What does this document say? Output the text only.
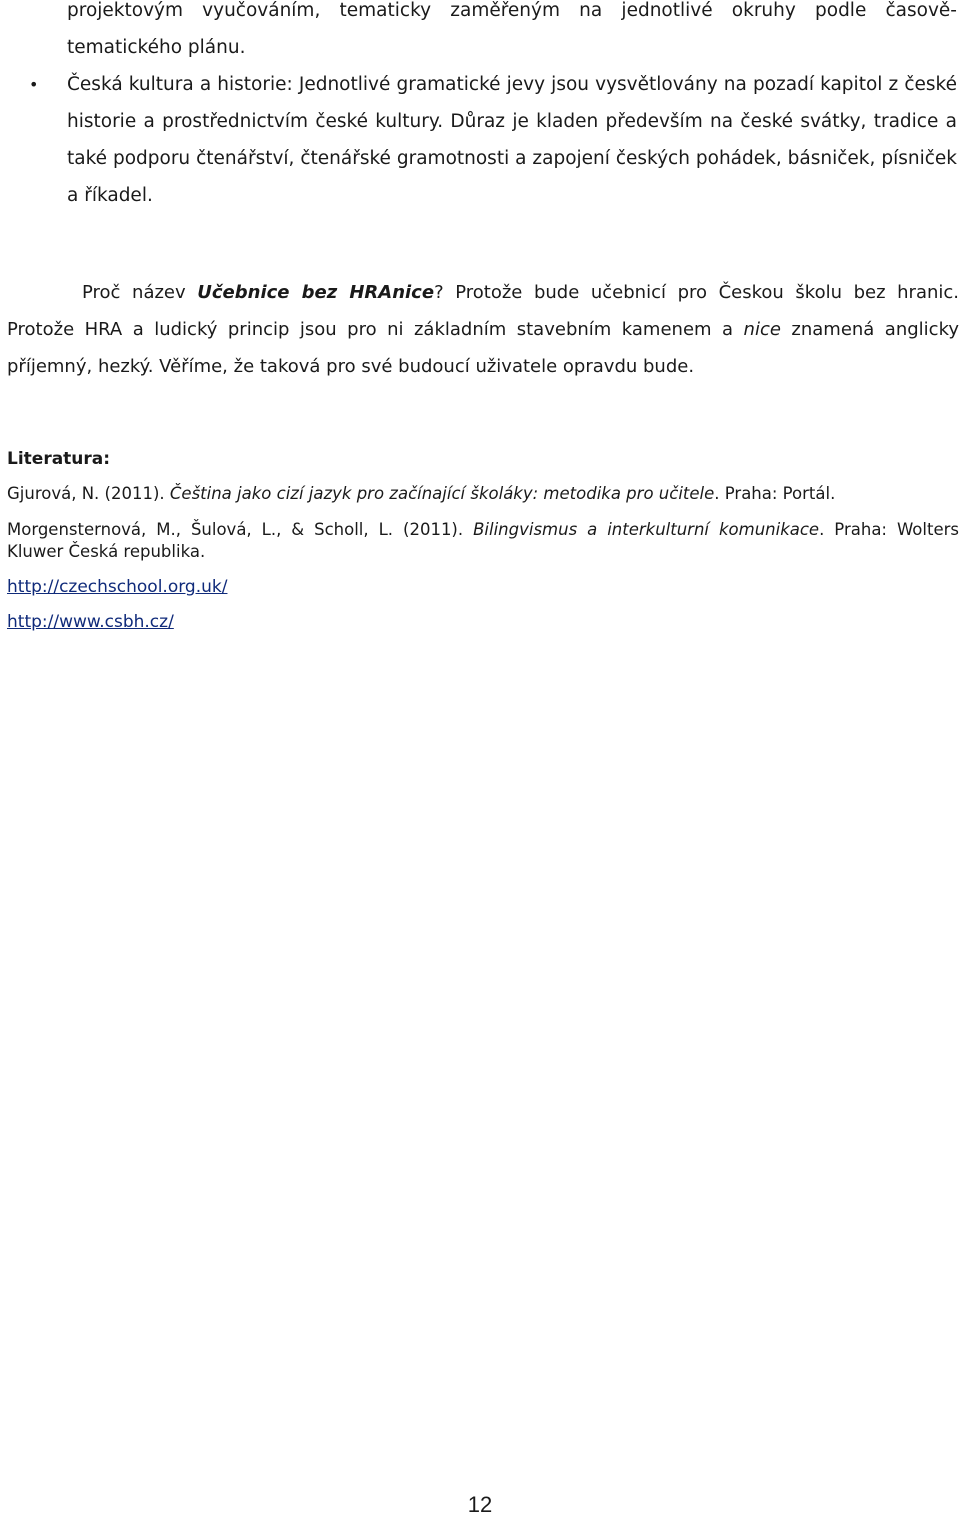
projektovým vyučováním, tematicky zaměřeným na jednotlivé okruhy podle časově-tematického plánu.

•	Česká kultura a historie: Jednotlivé gramatické jevy jsou vysvětlovány na pozadí kapitol z české historie a prostřednictvím české kultury. Důraz je kladen především na české svátky, tradice a také podporu čtenářství, čtenářské gramotnosti a zapojení českých pohádek, básniček, písniček a říkadel.

Proč název Učebnice bez HRAnice? Protože bude učebnicí pro Českou školu bez hranic. Protože HRA a ludický princip jsou pro ni základním stavebním kamenem a nice znamená anglicky příjemný, hezký. Věříme, že taková pro své budoucí uživatele opravdu bude.

Literatura:

Gjurová, N. (2011). Čeština jako cizí jazyk pro začínající školáky: metodika pro učitele. Praha: Portál.

Morgensternová, M., Šulová, L., & Scholl, L. (2011). Bilingvismus a interkulturní komunikace. Praha: Wolters Kluwer Česká republika.

http://czechschool.org.uk/
http://www.csbh.cz/

12
